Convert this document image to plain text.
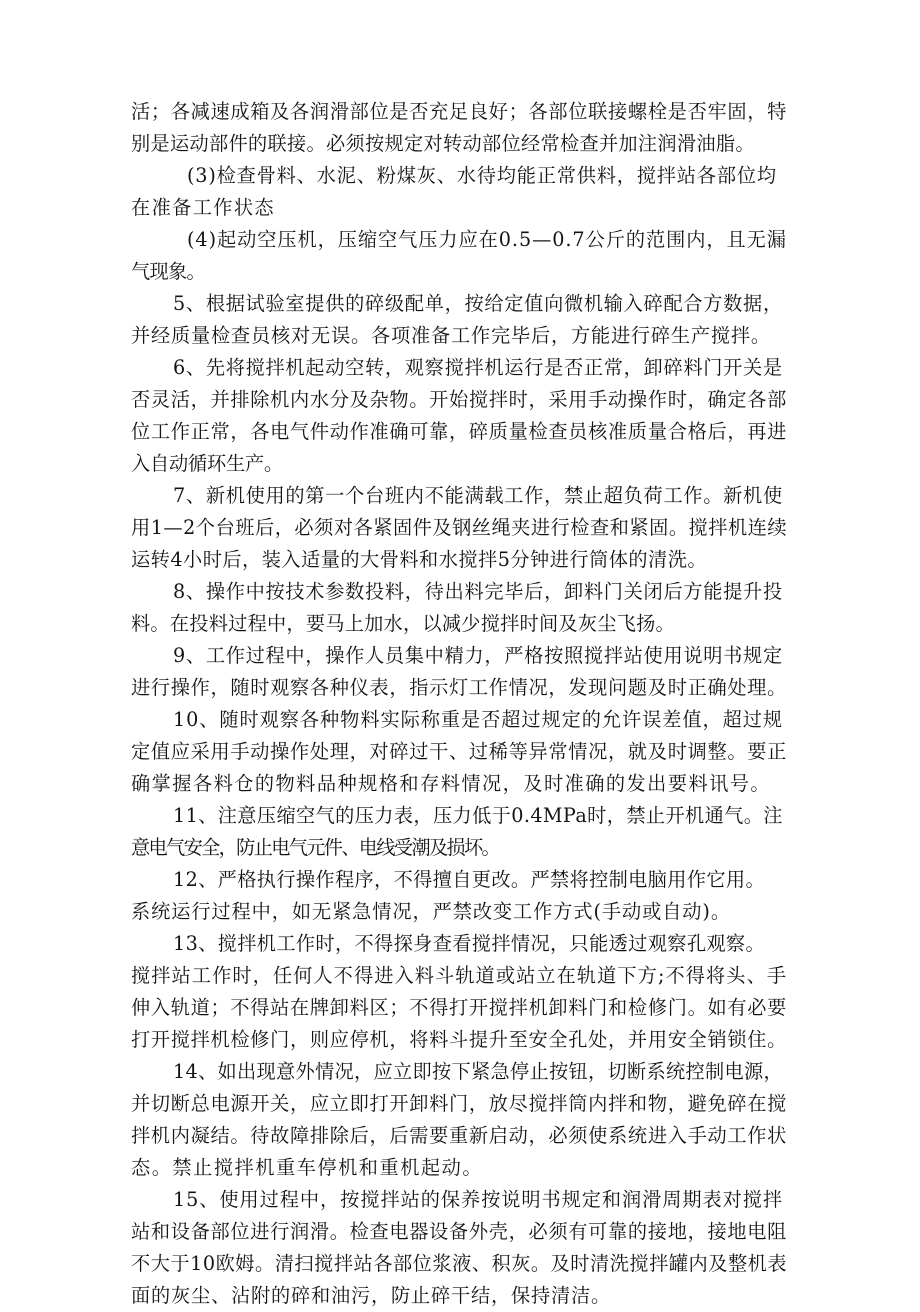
活；各减速成箱及各润滑部位是否充足良好；各部位联接螺栓是否牢固，特
别是运动部件的联接。必须按规定对转动部位经常检查并加注润滑油脂。
(3)检查骨料、水泥、粉煤灰、水待均能正常供料，搅拌站各部位均
在准备工作状态
(4)起动空压机，压缩空气压力应在0.5—0.7公斤的范围内，且无漏
气现象。
5、根据试验室提供的碎级配单，按给定值向微机输入碎配合方数据，
并经质量检查员核对无误。各项准备工作完毕后，方能进行碎生产搅拌。
6、先将搅拌机起动空转，观察搅拌机运行是否正常，卸碎料门开关是
否灵活，并排除机内水分及杂物。开始搅拌时，采用手动操作时，确定各部
位工作正常，各电气件动作准确可靠，碎质量检查员核准质量合格后，再进
入自动循环生产。
7、新机使用的第一个台班内不能满载工作，禁止超负荷工作。新机使
用1—2个台班后，必须对各紧固件及钢丝绳夹进行检查和紧固。搅拌机连续
运转4小时后，装入适量的大骨料和水搅拌5分钟进行筒体的清洗。
8、操作中按技术参数投料，待出料完毕后，卸料门关闭后方能提升投
料。在投料过程中，要马上加水，以减少搅拌时间及灰尘飞扬。
9、工作过程中，操作人员集中精力，严格按照搅拌站使用说明书规定
进行操作，随时观察各种仪表，指示灯工作情况，发现问题及时正确处理。
10、随时观察各种物料实际称重是否超过规定的允许误差值，超过规
定值应采用手动操作处理，对碎过干、过稀等异常情况，就及时调整。要正
确掌握各料仓的物料品种规格和存料情况，及时准确的发出要料讯号。
11、注意压缩空气的压力表，压力低于0.4MPa时，禁止开机通气。注
意电气安全，防止电气元件、电线受潮及损坏。
12、严格执行操作程序，不得擅自更改。严禁将控制电脑用作它用。
系统运行过程中，如无紧急情况，严禁改变工作方式(手动或自动)。
13、搅拌机工作时，不得探身查看搅拌情况，只能透过观察孔观察。
搅拌站工作时，任何人不得进入料斗轨道或站立在轨道下方;不得将头、手
伸入轨道；不得站在牌卸料区；不得打开搅拌机卸料门和检修门。如有必要
打开搅拌机检修门，则应停机，将料斗提升至安全孔处，并用安全销锁住。
14、如出现意外情况，应立即按下紧急停止按钮，切断系统控制电源，
并切断总电源开关，应立即打开卸料门，放尽搅拌筒内拌和物，避免碎在搅
拌机内凝结。待故障排除后，后需要重新启动，必须使系统进入手动工作状
态。禁止搅拌机重车停机和重机起动。
15、使用过程中，按搅拌站的保养按说明书规定和润滑周期表对搅拌
站和设备部位进行润滑。检查电器设备外壳，必须有可靠的接地，接地电阻
不大于10欧姆。清扫搅拌站各部位浆液、积灰。及时清洗搅拌罐内及整机表
面的灰尘、沾附的碎和油污，防止碎干结，保持清洁。
